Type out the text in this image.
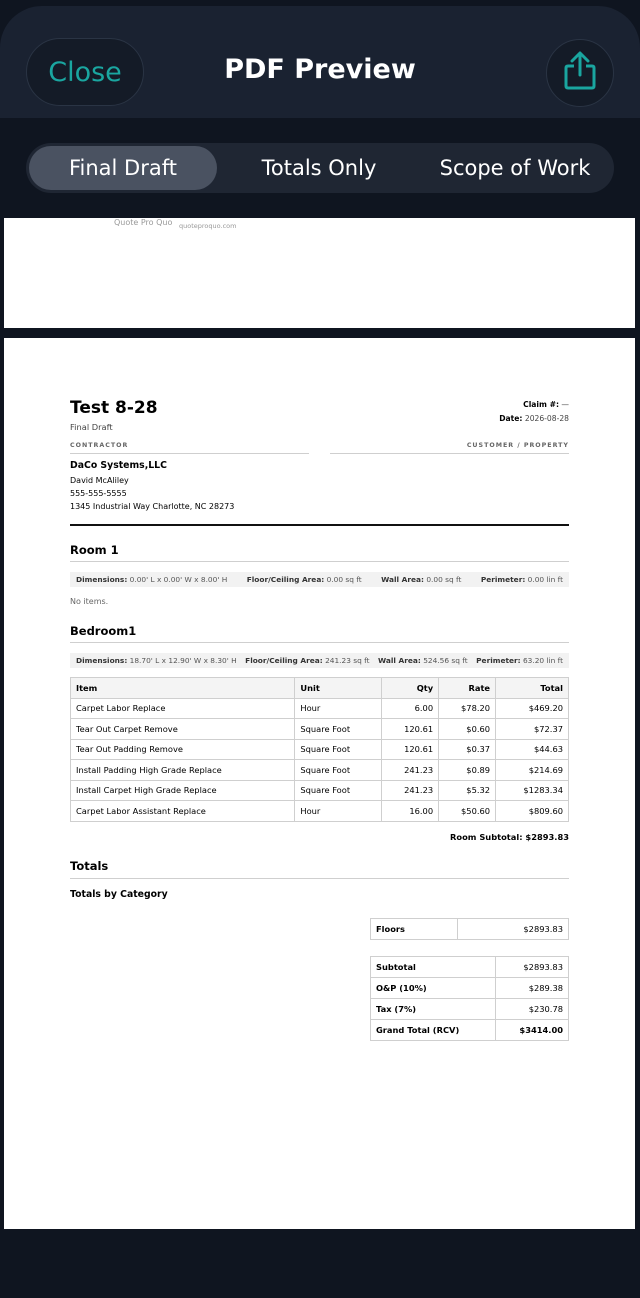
Close	PDF Preview
Final Draft	Totals Only	Scope of Work
Quote Pro Quo quoteproquo.com
Test 8-28
Final Draft
Claim #: —
Date: 2026-08-28
CONTRACTOR	CUSTOMER / PROPERTY
DaCo Systems,LLC
David McAliley
555-555-5555
1345 Industrial Way Charlotte, NC 28273
Room 1
Dimensions: 0.00' L x 0.00' W x 8.00' H	Floor/Ceiling Area: 0.00 sq ft	Wall Area: 0.00 sq ft	Perimeter: 0.00 lin ft
No items.
Bedroom1
Dimensions: 18.70' L x 12.90' W x 8.30' H Floor/Ceiling Area: 241.23 sq ft Wall Area: 524.56 sq ft Perimeter: 63.20 lin ft
Item	Unit	Qty	Rate	Total
Carpet Labor Replace	Hour	6.00	$78.20	$469.20
Tear Out Carpet Remove	Square Foot	120.61	$0.60	$72.37
Tear Out Padding Remove	Square Foot	120.61	$0.37	$44.63
Install Padding High Grade Replace	Square Foot	241.23	$0.89	$214.69
Install Carpet High Grade Replace	Square Foot	241.23	$5.32	$1283.34
Carpet Labor Assistant Replace	Hour	16.00	$50.60	$809.60
Room Subtotal: $2893.83
Totals
Totals by Category
Floors	$2893.83
Subtotal	$2893.83
O&P (10%)	$289.38
Tax (7%)	$230.78
Grand Total (RCV)	$3414.00
